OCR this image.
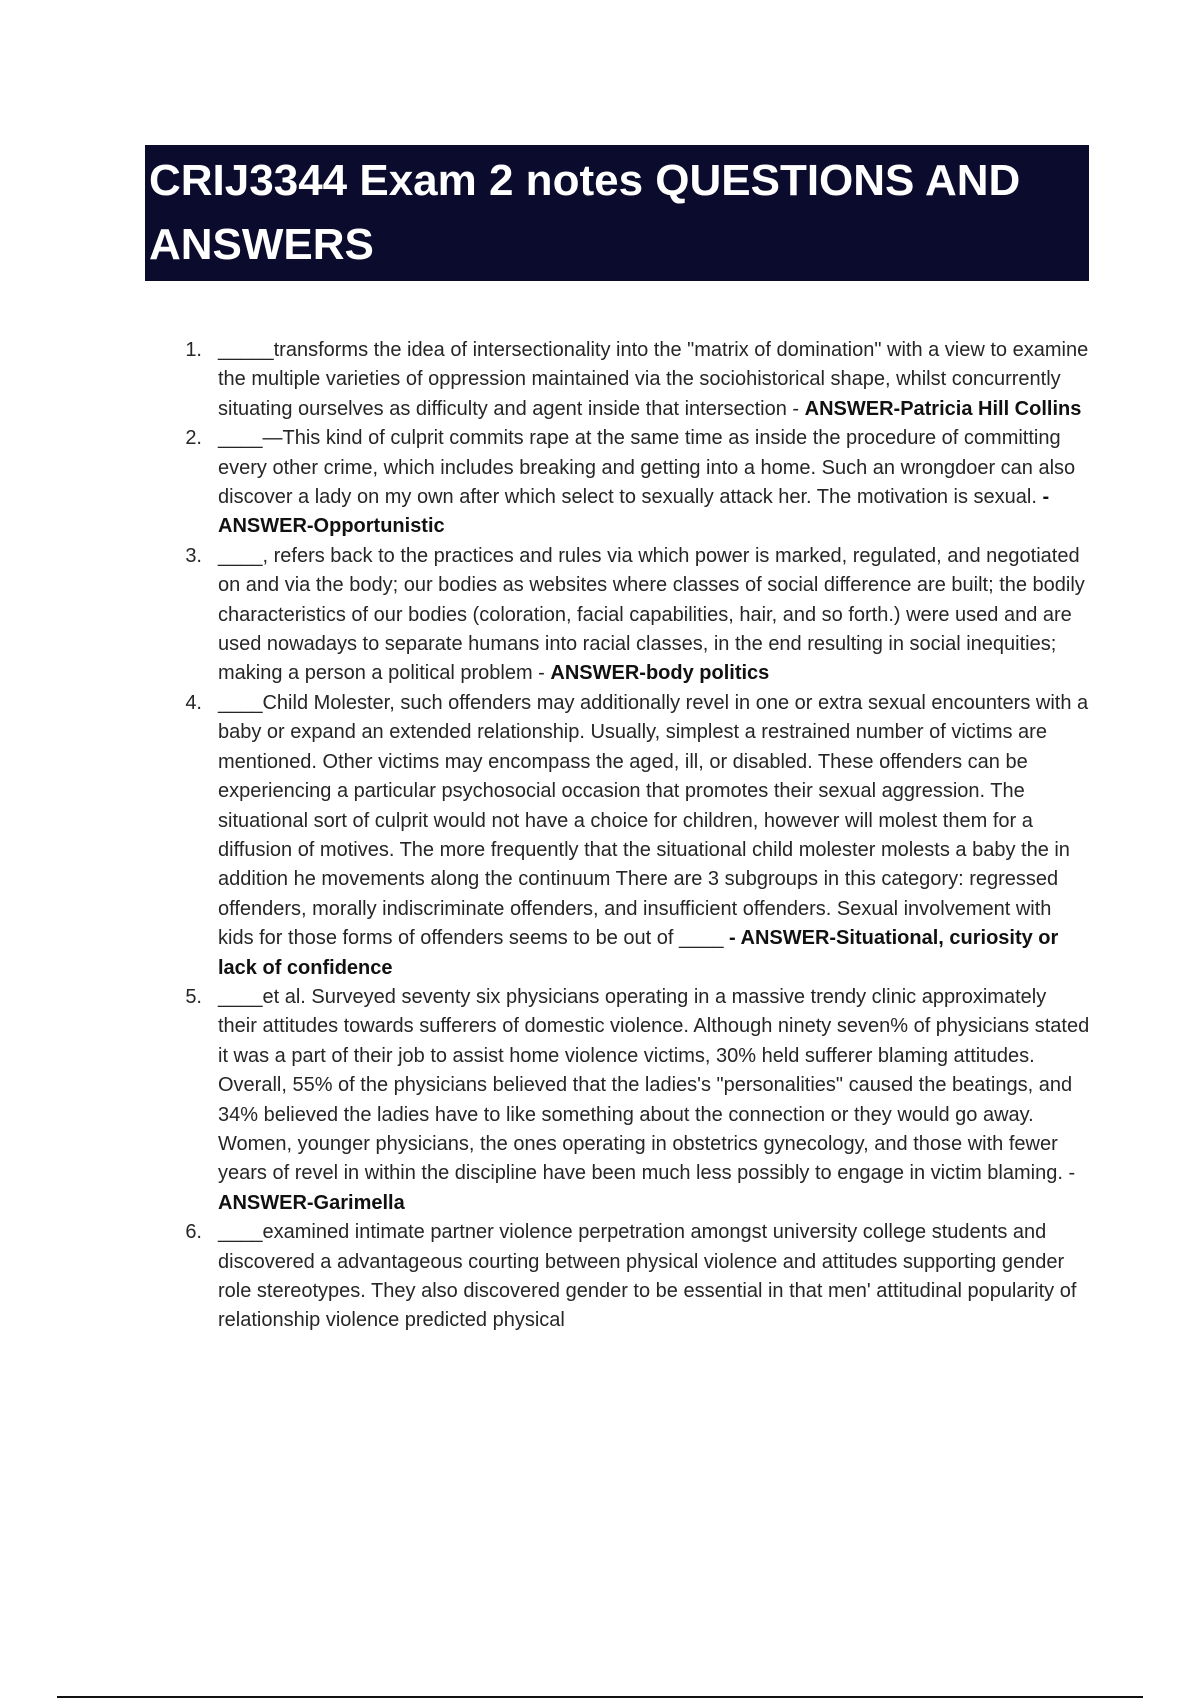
CRIJ3344 Exam 2 notes QUESTIONS AND ANSWERS
1. _____transforms the idea of intersectionality into the "matrix of domination" with a view to examine the multiple varieties of oppression maintained via the sociohistorical shape, whilst concurrently situating ourselves as difficulty and agent inside that intersection - ANSWER-Patricia Hill Collins
2. ____—This kind of culprit commits rape at the same time as inside the procedure of committing every other crime, which includes breaking and getting into a home. Such an wrongdoer can also discover a lady on my own after which select to sexually attack her. The motivation is sexual. - ANSWER-Opportunistic
3. ____, refers back to the practices and rules via which power is marked, regulated, and negotiated on and via the body; our bodies as websites where classes of social difference are built; the bodily characteristics of our bodies (coloration, facial capabilities, hair, and so forth.) were used and are used nowadays to separate humans into racial classes, in the end resulting in social inequities; making a person a political problem - ANSWER-body politics
4. ____Child Molester, such offenders may additionally revel in one or extra sexual encounters with a baby or expand an extended relationship. Usually, simplest a restrained number of victims are mentioned. Other victims may encompass the aged, ill, or disabled. These offenders can be experiencing a particular psychosocial occasion that promotes their sexual aggression. The situational sort of culprit would not have a choice for children, however will molest them for a diffusion of motives. The more frequently that the situational child molester molests a baby the in addition he movements along the continuum There are 3 subgroups in this category: regressed offenders, morally indiscriminate offenders, and insufficient offenders. Sexual involvement with kids for those forms of offenders seems to be out of ____ - ANSWER-Situational, curiosity or lack of confidence
5. ____et al. Surveyed seventy six physicians operating in a massive trendy clinic approximately their attitudes towards sufferers of domestic violence. Although ninety seven% of physicians stated it was a part of their job to assist home violence victims, 30% held sufferer blaming attitudes. Overall, 55% of the physicians believed that the ladies's "personalities" caused the beatings, and 34% believed the ladies have to like something about the connection or they would go away. Women, younger physicians, the ones operating in obstetrics gynecology, and those with fewer years of revel in within the discipline have been much less possibly to engage in victim blaming. - ANSWER-Garimella
6. ____examined intimate partner violence perpetration amongst university college students and discovered a advantageous courting between physical violence and attitudes supporting gender role stereotypes. They also discovered gender to be essential in that men' attitudinal popularity of relationship violence predicted physical
